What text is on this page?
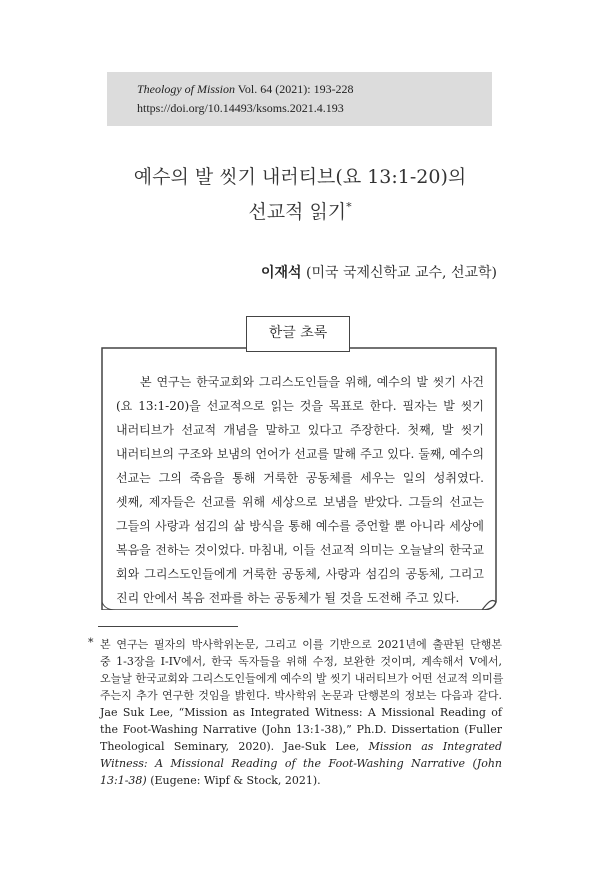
Theology of Mission Vol. 64 (2021): 193-228
https://doi.org/10.14493/ksoms.2021.4.193
예수의 발 씻기 내러티브(요 13:1-20)의
선교적 읽기*
이재석 (미국 국제신학교 교수, 선교학)
한글 초록
본 연구는 한국교회와 그리스도인들을 위해, 예수의 발 씻기 사건
(요 13:1-20)을 선교적으로 읽는 것을 목표로 한다. 필자는 발 씻기
내러티브가 선교적 개념을 말하고 있다고 주장한다. 첫째, 발 씻기
내러티브의 구조와 보냄의 언어가 선교를 말해 주고 있다. 둘째, 예수의
선교는 그의 죽음을 통해 거룩한 공동체를 세우는 일의 성취였다.
셋째, 제자들은 선교를 위해 세상으로 보냄을 받았다. 그들의 선교는
그들의 사랑과 섬김의 삶 방식을 통해 예수를 증언할 뿐 아니라 세상에
복음을 전하는 것이었다. 마침내, 이들 선교적 의미는 오늘날의 한국교
회와 그리스도인들에게 거룩한 공동체, 사랑과 섬김의 공동체, 그리고
진리 안에서 복음 전파를 하는 공동체가 될 것을 도전해 주고 있다.
* 본 연구는 필자의 박사학위논문, 그리고 이를 기반으로 2021년에 출판된 단행본
중 1-3장을 I-IV에서, 한국 독자들을 위해 수정, 보완한 것이며, 계속해서 V에서,
오늘날 한국교회와 그리스도인들에게 예수의 발 씻기 내러티브가 어떤 선교적 의미를
주는지 추가 연구한 것임을 밝힌다. 박사학위 논문과 단행본의 정보는 다음과 같다.
Jae Suk Lee, “Mission as Integrated Witness: A Missional Reading of
the Foot-Washing Narrative (John 13:1-38),” Ph.D. Dissertation (Fuller
Theological Seminary, 2020). Jae-Suk Lee, Mission as Integrated
Witness: A Missional Reading of the Foot-Washing Narrative (John
13:1-38) (Eugene: Wipf & Stock, 2021).
